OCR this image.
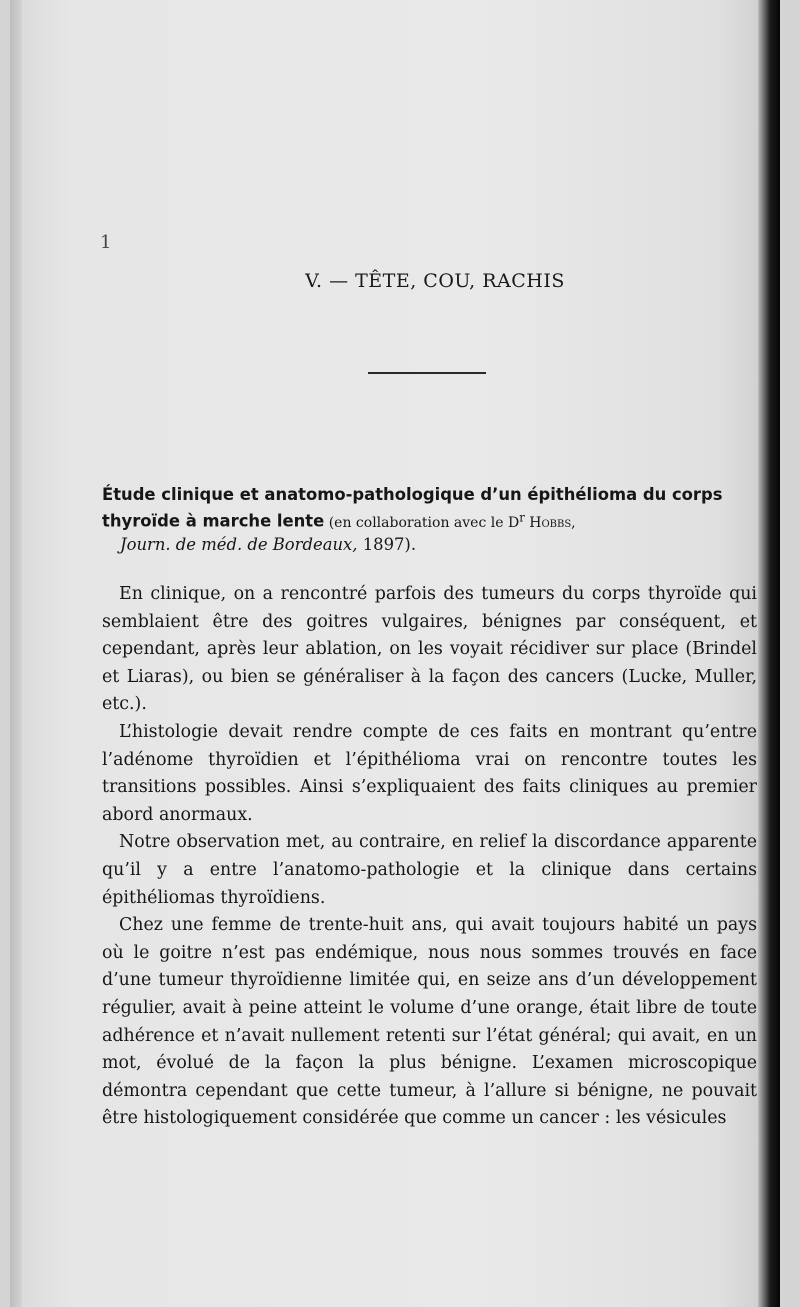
1
V. — TÊTE, COU, RACHIS
Étude clinique et anatomo-pathologique d’un épithélioma du corps thyroïde à marche lente (en collaboration avec le $D^r$ Hobbs,
Journ. de méd. de Bordeaux, 1897).

En clinique, on a rencontré parfois des tumeurs du corps thyroïde qui semblaient être des goitres vulgaires, bénignes par conséquent, et cependant, après leur ablation, on les voyait récidiver sur place (Brindel et Liaras), ou bien se généraliser à la façon des cancers (Lucke, Muller, etc.).

L’histologie devait rendre compte de ces faits en montrant qu’entre l’adénome thyroïdien et l’épithélioma vrai on rencontre toutes les transitions possibles. Ainsi s’expliquaient des faits cliniques au premier abord anormaux.

Notre observation met, au contraire, en relief la discordance apparente qu’il y a entre l’anatomo-pathologie et la clinique dans certains épithéliomas thyroïdiens.

Chez une femme de trente-huit ans, qui avait toujours habité un pays où le goitre n’est pas endémique, nous nous sommes trouvés en face d’une tumeur thyroïdienne limitée qui, en seize ans d’un développement régulier, avait à peine atteint le volume d’une orange, était libre de toute adhérence et n’avait nullement retenti sur l’état général; qui avait, en un mot, évolué de la façon la plus bénigne. L’examen microscopique démontra cependant que cette tumeur, à l’allure si bénigne, ne pouvait être histologiquement considérée que comme un cancer : les vésicules
